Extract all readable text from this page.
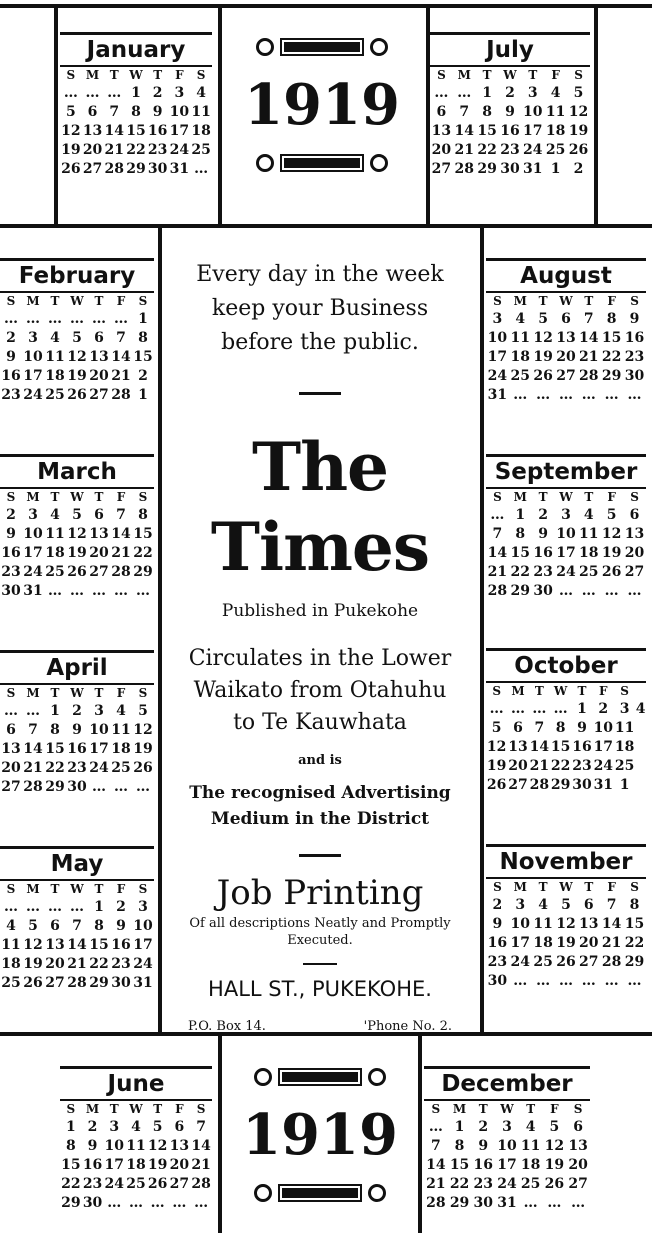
1919
1919
Every day in the week
keep your Business
before the public.
The Times
Published in Pukekohe
Circulates in the Lower
Waikato from Otahuhu
to Te Kauwhata
and is
The recognised Advertising
Medium in the District
Job Printing
Of all descriptions Neatly and Promptly
Executed.
HALL ST., PUKEKOHE.
P.O. Box 14.	'Phone No. 2.
January
S	M	T	W	T	F	S
…	…	…	1	2	3	4
5	6	7	8	9	10	11
12	13	14	15	16	17	18
19	20	21	22	23	24	25
26	27	28	29	30	31	…
July
S	M	T	W	T	F	S
…	…	1	2	3	4	5
6	7	8	9	10	11	12
13	14	15	16	17	18	19
20	21	22	23	24	25	26
27	28	29	30	31	1	2
February
S	M	T	W	T	F	S
…	…	…	…	…	…	1
2	3	4	5	6	7	8
9	10	11	12	13	14	15
16	17	18	19	20	21	2
23	24	25	26	27	28	1
August
S	M	T	W	T	F	S
3	4	5	6	7	8	9
10	11	12	13	14	15	16
17	18	19	20	21	22	23
24	25	26	27	28	29	30
31	…	…	…	…	…	…
March
S	M	T	W	T	F	S
2	3	4	5	6	7	8
9	10	11	12	13	14	15
16	17	18	19	20	21	22
23	24	25	26	27	28	29
30	31	…	…	…	…	…
September
S	M	T	W	T	F	S
…	1	2	3	4	5	6
7	8	9	10	11	12	13
14	15	16	17	18	19	20
21	22	23	24	25	26	27
28	29	30	…	…	…	…
April
S	M	T	W	T	F	S
…	…	1	2	3	4	5
6	7	8	9	10	11	12
13	14	15	16	17	18	19
20	21	22	23	24	25	26
27	28	29	30	…	…	…
October
S	M	T	W	T	F	S	
…	…	…	…	1	2	3	4
5	6	7	8	9	10	11	
12	13	14	15	16	17	18	
19	20	21	22	23	24	25	
26	27	28	29	30	31	1	
May
S	M	T	W	T	F	S
…	…	…	…	1	2	3
4	5	6	7	8	9	10
11	12	13	14	15	16	17
18	19	20	21	22	23	24
25	26	27	28	29	30	31
November
S	M	T	W	T	F	S
2	3	4	5	6	7	8
9	10	11	12	13	14	15
16	17	18	19	20	21	22
23	24	25	26	27	28	29
30	…	…	…	…	…	…
June
S	M	T	W	T	F	S
1	2	3	4	5	6	7
8	9	10	11	12	13	14
15	16	17	18	19	20	21
22	23	24	25	26	27	28
29	30	…	…	…	…	…
December
S	M	T	W	T	F	S
…	1	2	3	4	5	6
7	8	9	10	11	12	13
14	15	16	17	18	19	20
21	22	23	24	25	26	27
28	29	30	31	…	…	…
